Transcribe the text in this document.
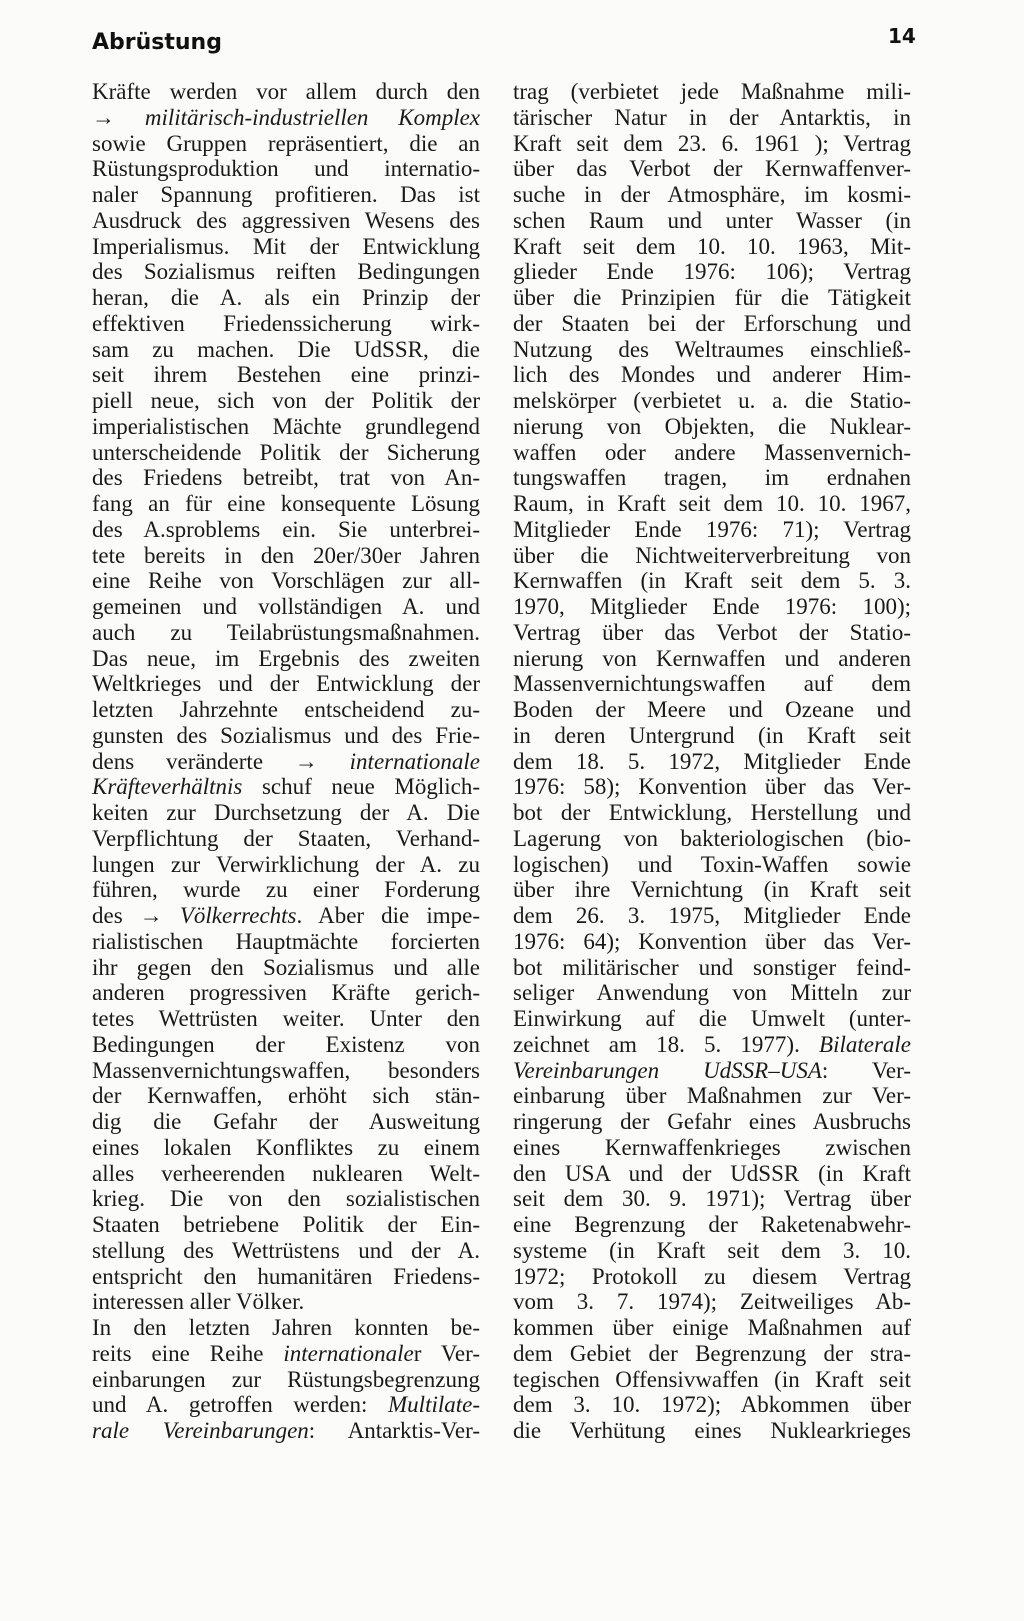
Abrüstung	14
Kräfte werden vor allem durch den
→ militärisch-industriellen Komplex
sowie Gruppen repräsentiert, die an
Rüstungsproduktion und internatio-
naler Spannung profitieren. Das ist
Ausdruck des aggressiven Wesens des
Imperialismus. Mit der Entwicklung
des Sozialismus reiften Bedingungen
heran, die A. als ein Prinzip der
effektiven Friedenssicherung wirk-
sam zu machen. Die UdSSR, die
seit ihrem Bestehen eine prinzi-
piell neue, sich von der Politik der
imperialistischen Mächte grundlegend
unterscheidende Politik der Sicherung
des Friedens betreibt, trat von An-
fang an für eine konsequente Lösung
des A.sproblems ein. Sie unterbrei-
tete bereits in den 20er/30er Jahren
eine Reihe von Vorschlägen zur all-
gemeinen und vollständigen A. und
auch zu Teilabrüstungsmaßnahmen.
Das neue, im Ergebnis des zweiten
Weltkrieges und der Entwicklung der
letzten Jahrzehnte entscheidend zu-
gunsten des Sozialismus und des Frie-
dens veränderte → internationale
Kräfteverhältnis schuf neue Möglich-
keiten zur Durchsetzung der A. Die
Verpflichtung der Staaten, Verhand-
lungen zur Verwirklichung der A. zu
führen, wurde zu einer Forderung
des → Völkerrechts. Aber die impe-
rialistischen Hauptmächte forcierten
ihr gegen den Sozialismus und alle
anderen progressiven Kräfte gerich-
tetes Wettrüsten weiter. Unter den
Bedingungen der Existenz von
Massenvernichtungswaffen, besonders
der Kernwaffen, erhöht sich stän-
dig die Gefahr der Ausweitung
eines lokalen Konfliktes zu einem
alles verheerenden nuklearen Welt-
krieg. Die von den sozialistischen
Staaten betriebene Politik der Ein-
stellung des Wettrüstens und der A.
entspricht den humanitären Friedens-
interessen aller Völker.
In den letzten Jahren konnten be-
reits eine Reihe internationaler Ver-
einbarungen zur Rüstungsbegrenzung
und A. getroffen werden: Multilate-
rale Vereinbarungen: Antarktis-Ver-
trag (verbietet jede Maßnahme mili-
tärischer Natur in der Antarktis, in
Kraft seit dem 23. 6. 1961 ); Vertrag
über das Verbot der Kernwaffenver-
suche in der Atmosphäre, im kosmi-
schen Raum und unter Wasser (in
Kraft seit dem 10. 10. 1963, Mit-
glieder Ende 1976: 106); Vertrag
über die Prinzipien für die Tätigkeit
der Staaten bei der Erforschung und
Nutzung des Weltraumes einschließ-
lich des Mondes und anderer Him-
melskörper (verbietet u. a. die Statio-
nierung von Objekten, die Nuklear-
waffen oder andere Massenvernich-
tungswaffen tragen, im erdnahen
Raum, in Kraft seit dem 10. 10. 1967,
Mitglieder Ende 1976: 71); Vertrag
über die Nichtweiterverbreitung von
Kernwaffen (in Kraft seit dem 5. 3.
1970, Mitglieder Ende 1976: 100);
Vertrag über das Verbot der Statio-
nierung von Kernwaffen und anderen
Massenvernichtungswaffen auf dem
Boden der Meere und Ozeane und
in deren Untergrund (in Kraft seit
dem 18. 5. 1972, Mitglieder Ende
1976: 58); Konvention über das Ver-
bot der Entwicklung, Herstellung und
Lagerung von bakteriologischen (bio-
logischen) und Toxin-Waffen sowie
über ihre Vernichtung (in Kraft seit
dem 26. 3. 1975, Mitglieder Ende
1976: 64); Konvention über das Ver-
bot militärischer und sonstiger feind-
seliger Anwendung von Mitteln zur
Einwirkung auf die Umwelt (unter-
zeichnet am 18. 5. 1977). Bilaterale
Vereinbarungen UdSSR–USA: Ver-
einbarung über Maßnahmen zur Ver-
ringerung der Gefahr eines Ausbruchs
eines Kernwaffenkrieges zwischen
den USA und der UdSSR (in Kraft
seit dem 30. 9. 1971); Vertrag über
eine Begrenzung der Raketenabwehr-
systeme (in Kraft seit dem 3. 10.
1972; Protokoll zu diesem Vertrag
vom 3. 7. 1974); Zeitweiliges Ab-
kommen über einige Maßnahmen auf
dem Gebiet der Begrenzung der stra-
tegischen Offensivwaffen (in Kraft seit
dem 3. 10. 1972); Abkommen über
die Verhütung eines Nuklearkrieges
